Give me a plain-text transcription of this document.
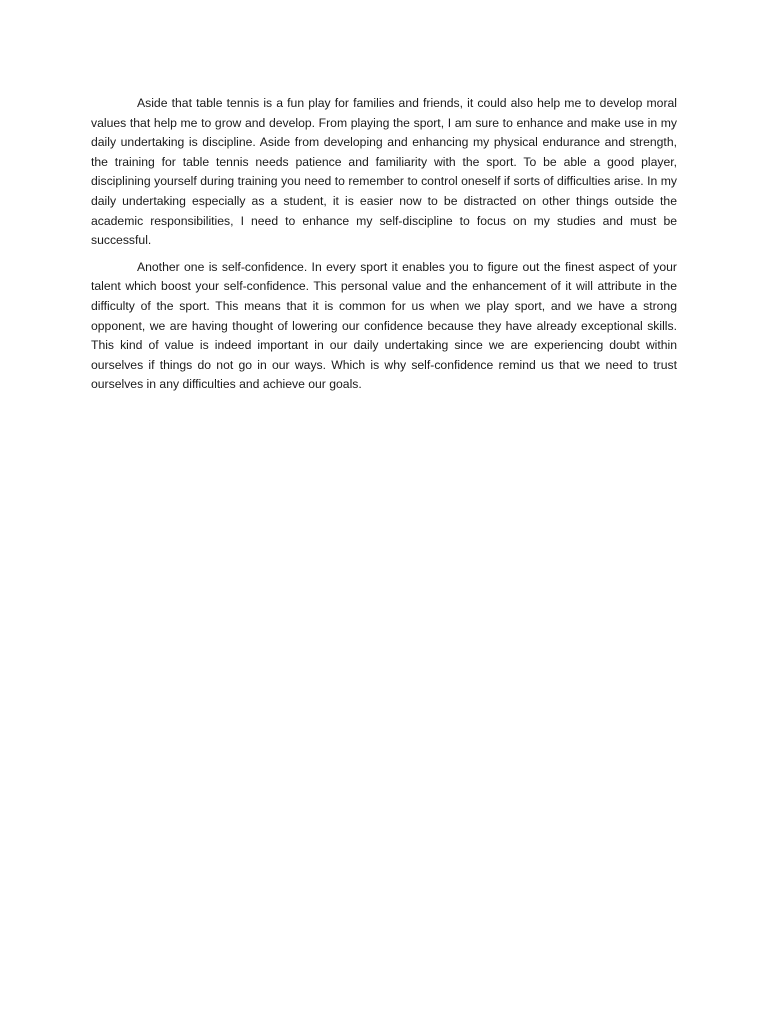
Aside that table tennis is a fun play for families and friends, it could also help me to develop moral values that help me to grow and develop. From playing the sport, I am sure to enhance and make use in my daily undertaking is discipline. Aside from developing and enhancing my physical endurance and strength, the training for table tennis needs patience and familiarity with the sport. To be able a good player, disciplining yourself during training you need to remember to control oneself if sorts of difficulties arise. In my daily undertaking especially as a student, it is easier now to be distracted on other things outside the academic responsibilities, I need to enhance my self-discipline to focus on my studies and must be successful.

Another one is self-confidence. In every sport it enables you to figure out the finest aspect of your talent which boost your self-confidence. This personal value and the enhancement of it will attribute in the difficulty of the sport. This means that it is common for us when we play sport, and we have a strong opponent, we are having thought of lowering our confidence because they have already exceptional skills. This kind of value is indeed important in our daily undertaking since we are experiencing doubt within ourselves if things do not go in our ways. Which is why self-confidence remind us that we need to trust ourselves in any difficulties and achieve our goals.
